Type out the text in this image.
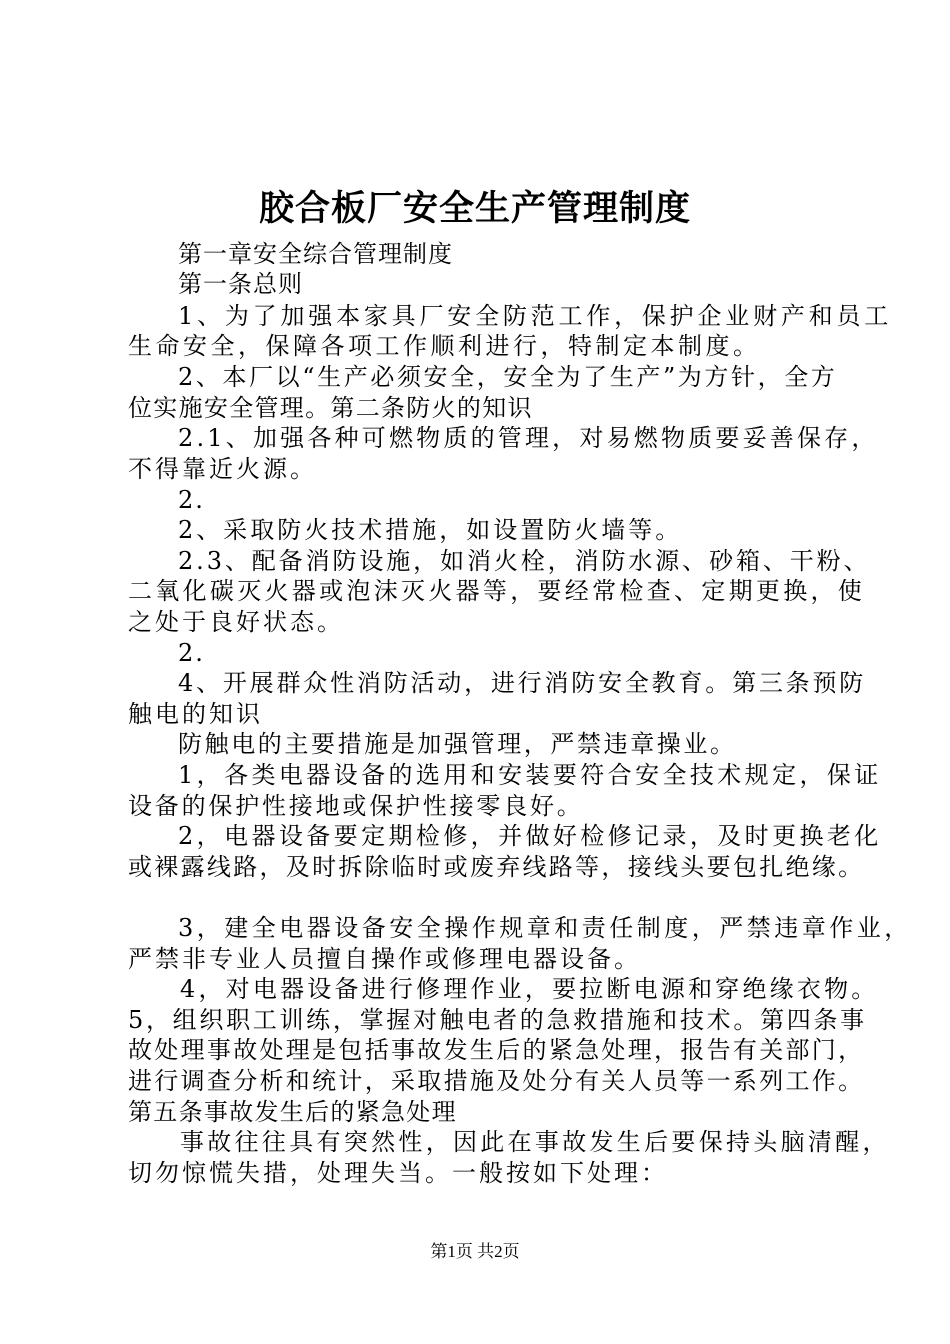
胶合板厂安全生产管理制度
第一章安全综合管理制度
第一条总则
1、为了加强本家具厂安全防范工作，保护企业财产和员工
生命安全，保障各项工作顺利进行，特制定本制度。
2、本厂以“生产必须安全，安全为了生产”为方针，全方
位实施安全管理。第二条防火的知识
2.1、加强各种可燃物质的管理，对易燃物质要妥善保存，
不得靠近火源。
2.
2、采取防火技术措施，如设置防火墙等。
2.3、配备消防设施，如消火栓，消防水源、砂箱、干粉、
二氧化碳灭火器或泡沫灭火器等，要经常检查、定期更换，使
之处于良好状态。
2.
4、开展群众性消防活动，进行消防安全教育。第三条预防
触电的知识
防触电的主要措施是加强管理，严禁违章操业。
1，各类电器设备的选用和安装要符合安全技术规定，保证
设备的保护性接地或保护性接零良好。
2，电器设备要定期检修，并做好检修记录，及时更换老化
或裸露线路，及时拆除临时或废弃线路等，接线头要包扎绝缘。
3，建全电器设备安全操作规章和责任制度，严禁违章作业，
严禁非专业人员擅自操作或修理电器设备。
4，对电器设备进行修理作业，要拉断电源和穿绝缘衣物。
5，组织职工训练，掌握对触电者的急救措施和技术。第四条事
故处理事故处理是包括事故发生后的紧急处理，报告有关部门，
进行调查分析和统计，采取措施及处分有关人员等一系列工作。
第五条事故发生后的紧急处理
事故往往具有突然性，因此在事故发生后要保持头脑清醒，
切勿惊慌失措，处理失当。一般按如下处理：
第1页 共2页
